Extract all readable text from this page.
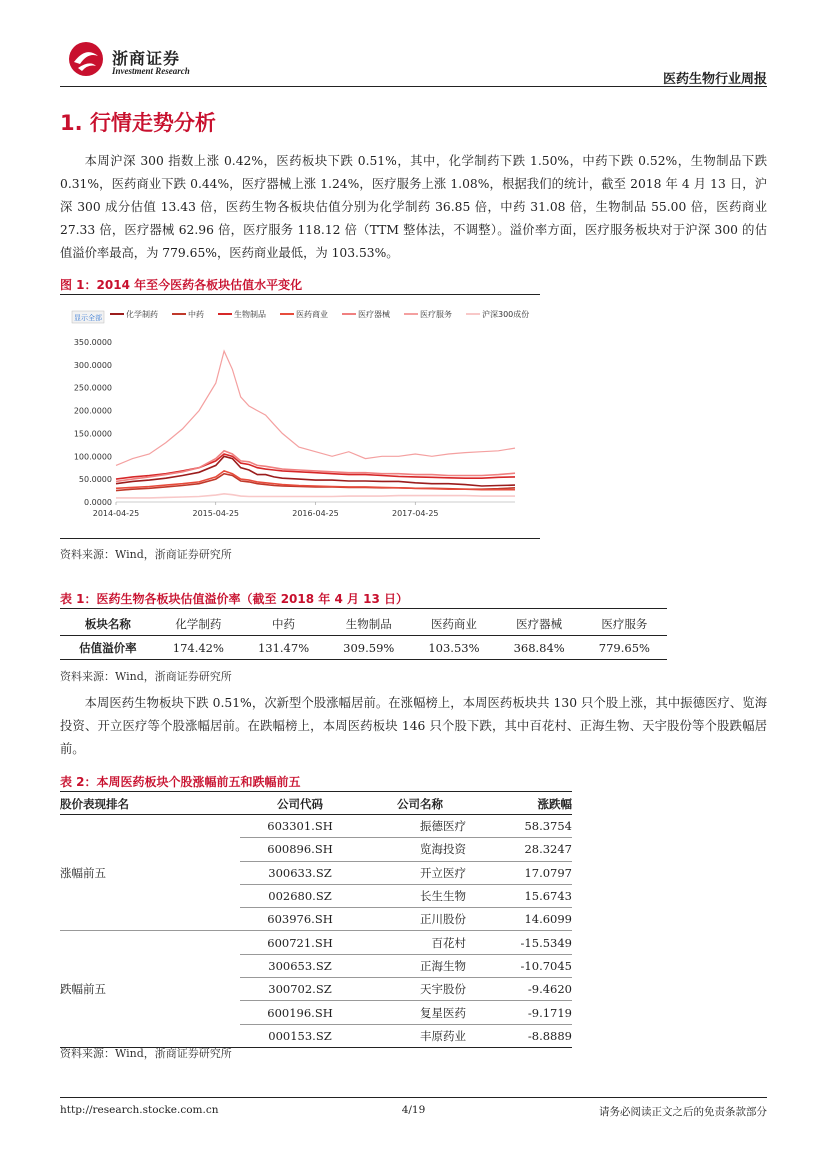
浙商证券
Investment Research
医药生物行业周报
1. 行情走势分析

本周沪深 300 指数上涨 0.42%，医药板块下跌 0.51%，其中，化学制药下跌 1.50%，中药下跌 0.52%，生物制品下跌 0.31%，医药商业下跌 0.44%，医疗器械上涨 1.24%，医疗服务上涨 1.08%，根据我们的统计，截至 2018 年 4 月 13 日，沪深 300 成分估值 13.43 倍，医药生物各板块估值分别为化学制药 36.85 倍，中药 31.08 倍，生物制品 55.00 倍，医药商业 27.33 倍，医疗器械 62.96 倍，医疗服务 118.12 倍（TTM 整体法，不调整）。溢价率方面，医疗服务板块对于沪深 300 的估值溢价率最高，为 779.65%，医药商业最低，为 103.53%。

图 1：2014 年至今医药各板块估值水平变化
显示全部	化学制药	中药	生物制品	医药商业	医疗器械	医疗服务	沪深300成份
0.0000
50.0000
100.0000
150.0000
200.0000
250.0000
300.0000
350.0000
2014-04-25	2015-04-25	2016-04-25	2017-04-25
资料来源：Wind，浙商证券研究所
表 1：医药生物各板块估值溢价率（截至 2018 年 4 月 13 日）
板块名称	化学制药	中药	生物制品	医药商业	医疗器械	医疗服务
估值溢价率	174.42%	131.47%	309.59%	103.53%	368.84%	779.65%
资料来源：Wind，浙商证券研究所

本周医药生物板块下跌 0.51%，次新型个股涨幅居前。在涨幅榜上，本周医药板块共 130 只个股上涨，其中振德医疗、览海投资、开立医疗等个股涨幅居前。在跌幅榜上，本周医药板块 146 只个股下跌，其中百花村、正海生物、天宇股份等个股跌幅居前。

表 2：本周医药板块个股涨幅前五和跌幅前五
股价表现排名	公司代码	公司名称	涨跌幅
涨幅前五	603301.SH	振德医疗	58.3754
	600896.SH	览海投资	28.3247
	300633.SZ	开立医疗	17.0797
	002680.SZ	长生生物	15.6743
	603976.SH	正川股份	14.6099
跌幅前五	600721.SH	百花村	-15.5349
	300653.SZ	正海生物	-10.7045
	300702.SZ	天宇股份	-9.4620
	600196.SH	复星医药	-9.1719
	000153.SZ	丰原药业	-8.8889
资料来源：Wind，浙商证券研究所
http://research.stocke.com.cn	4/19	请务必阅读正文之后的免责条款部分
